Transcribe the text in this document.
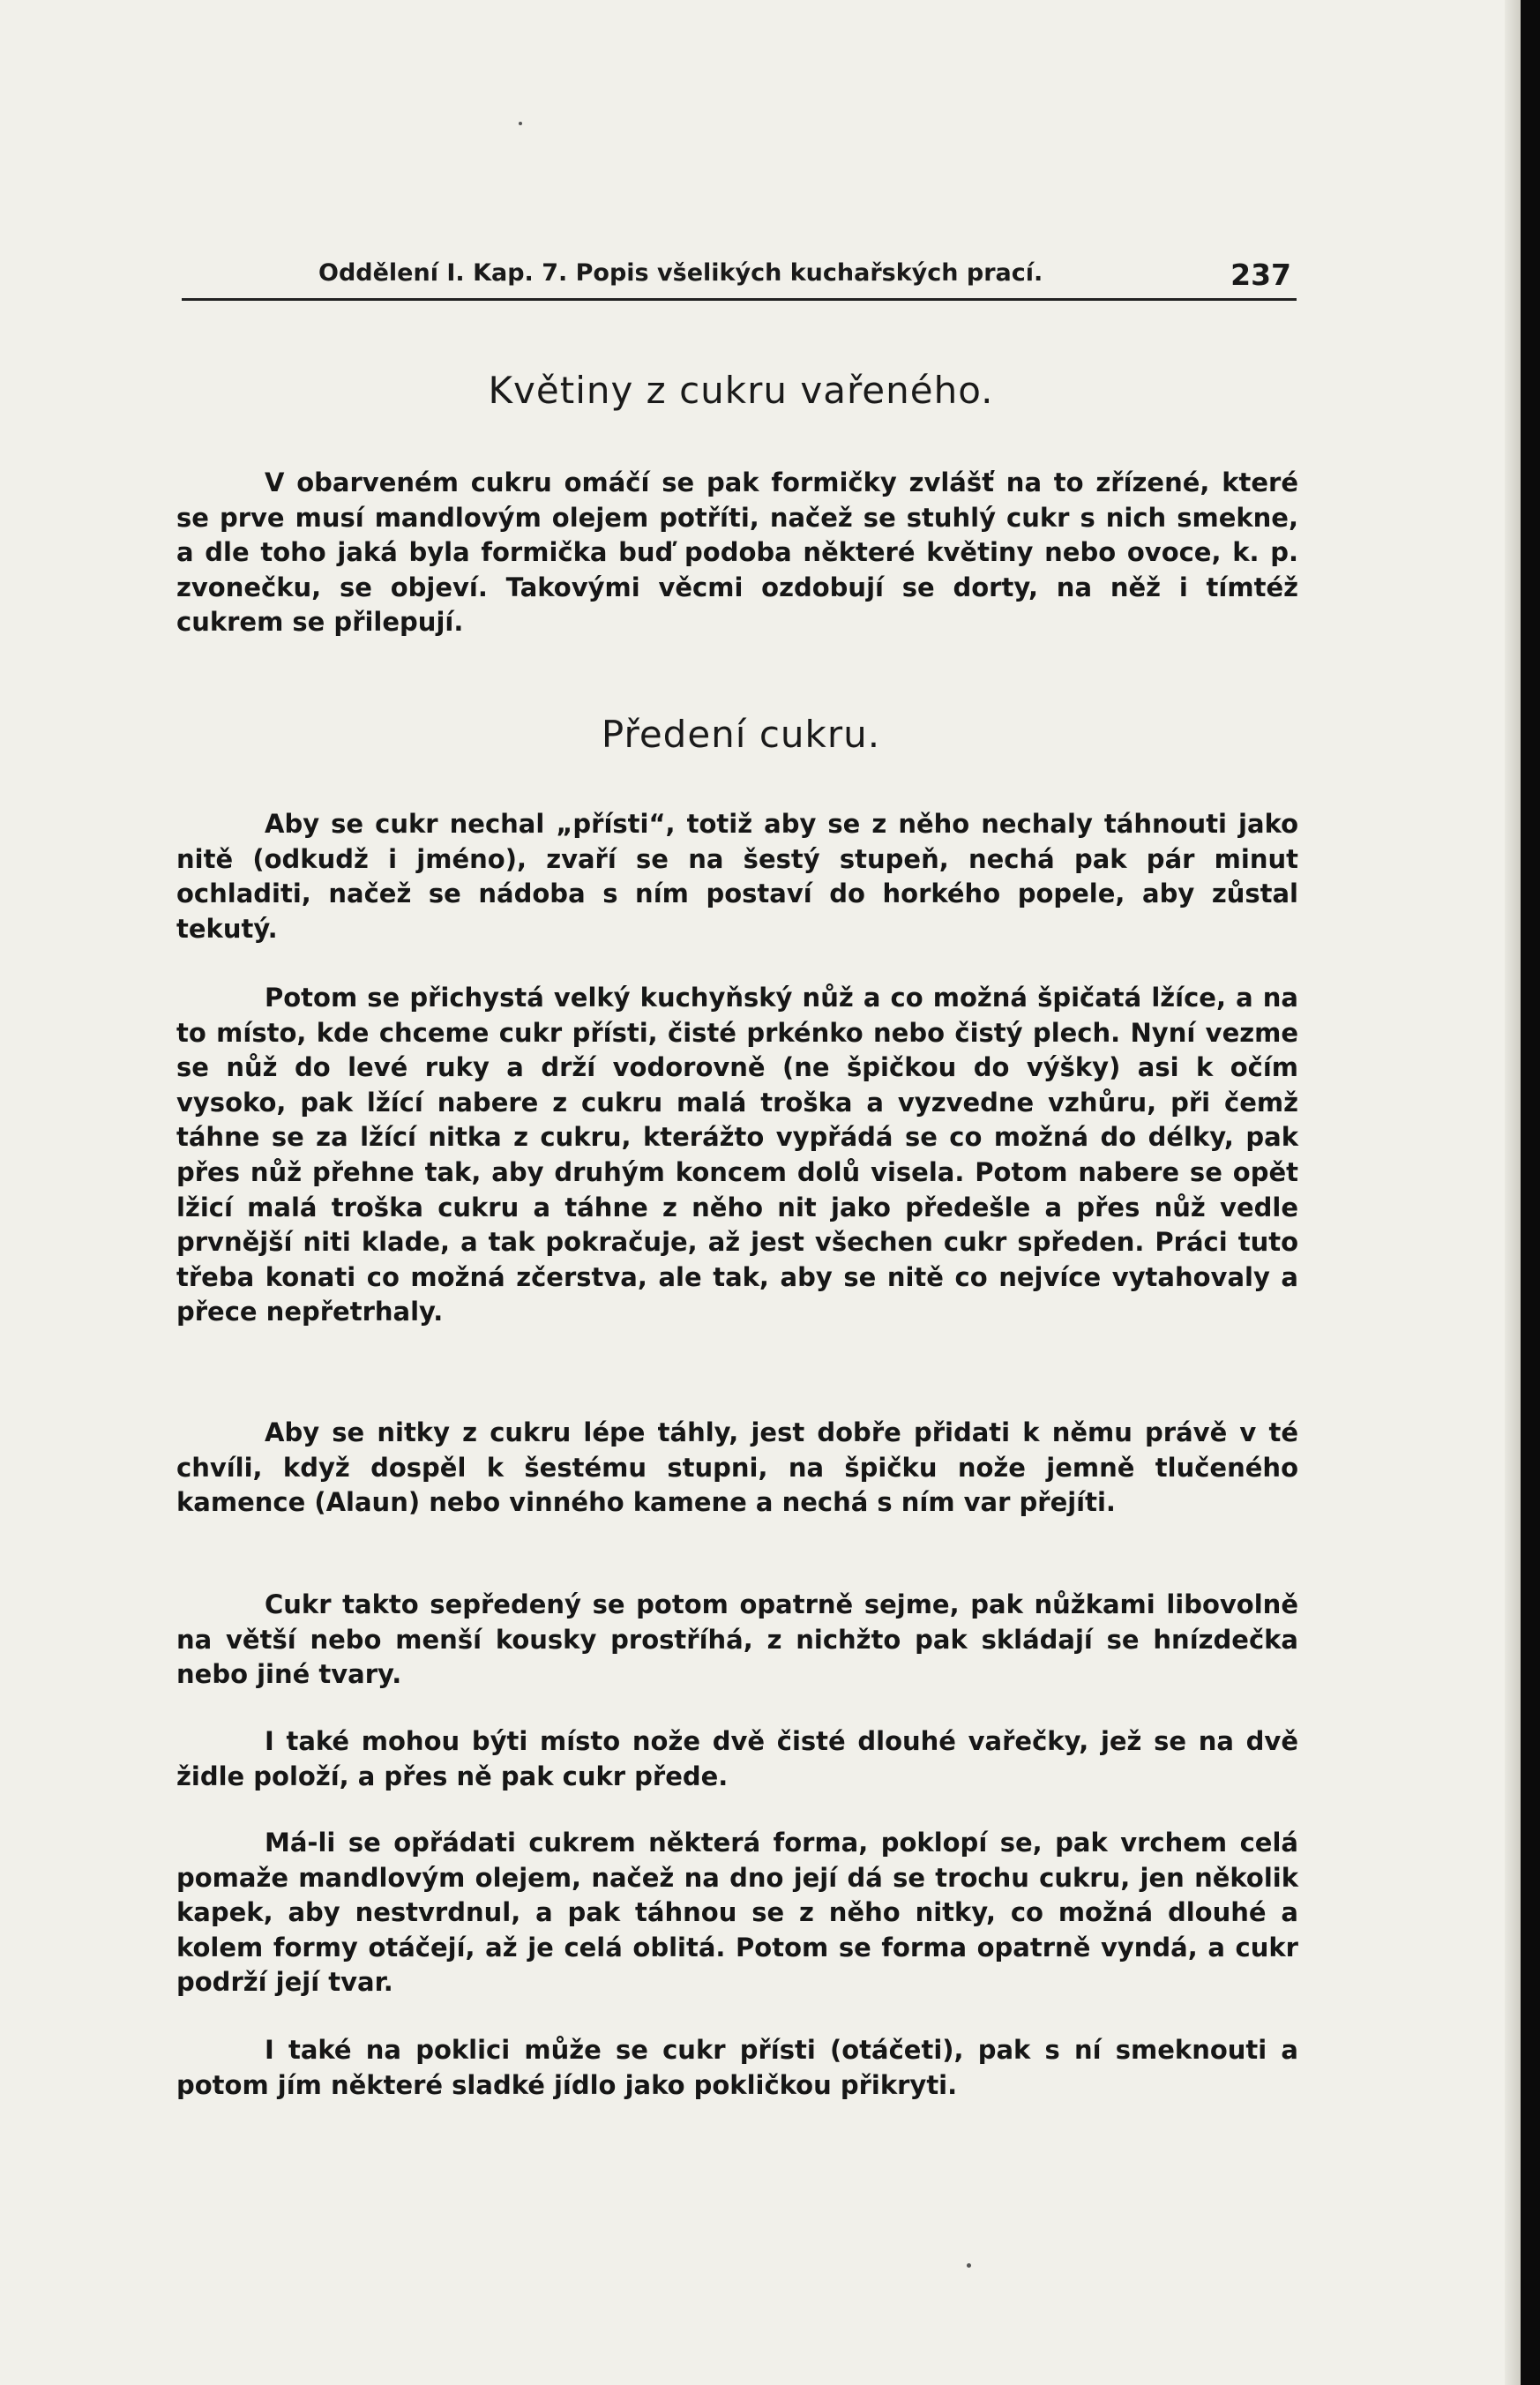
Oddělení I. Kap. 7. Popis všelikých kuchařských prací.	237
Květiny z cukru vařeného.

V obarveném cukru omáčí se pak formičky zvlášť na to zřízené, které se prve musí mandlovým olejem potříti, načež se stuhlý cukr s nich smekne, a dle toho jaká byla formička buď podoba některé květiny nebo ovoce, k. p. zvonečku, se objeví. Takovými věcmi ozdobují se dorty, na něž i tímtéž cukrem se přilepují.

Předení cukru.

Aby se cukr nechal „přísti“, totiž aby se z něho nechaly táhnouti jako nitě (odkudž i jméno), zvaří se na šestý stupeň, nechá pak pár minut ochladiti, načež se nádoba s ním postaví do horkého popele, aby zůstal tekutý.

Potom se přichystá velký kuchyňský nůž a co možná špičatá lžíce, a na to místo, kde chceme cukr přísti, čisté prkénko nebo čistý plech. Nyní vezme se nůž do levé ruky a drží vodorovně (ne špičkou do výšky) asi k očím vysoko, pak lžící nabere z cukru malá troška a vyzvedne vzhůru, při čemž táhne se za lžící nitka z cukru, kterážto vypřádá se co možná do délky, pak přes nůž přehne tak, aby druhým koncem dolů visela. Potom nabere se opět lžicí malá troška cukru a táhne z něho nit jako předešle a přes nůž vedle prvnější niti klade, a tak pokračuje, až jest všechen cukr spředen. Práci tuto třeba konati co možná zčerstva, ale tak, aby se nitě co nejvíce vytahovaly a přece nepřetrhaly.

Aby se nitky z cukru lépe táhly, jest dobře přidati k němu právě v té chvíli, když dospěl k šestému stupni, na špičku nože jemně tlučeného kamence (Alaun) nebo vinného kamene a nechá s ním var přejíti.

Cukr takto sepředený se potom opatrně sejme, pak nůžkami libovolně na větší nebo menší kousky prostříhá, z nichžto pak skládají se hnízdečka nebo jiné tvary.

I také mohou býti místo nože dvě čisté dlouhé vařečky, jež se na dvě židle položí, a přes ně pak cukr přede.

Má-li se opřádati cukrem některá forma, poklopí se, pak vrchem celá pomaže mandlovým olejem, načež na dno její dá se trochu cukru, jen několik kapek, aby nestvrdnul, a pak táhnou se z něho nitky, co možná dlouhé a kolem formy otáčejí, až je celá oblitá. Potom se forma opatrně vyndá, a cukr podrží její tvar.

I také na poklici může se cukr přísti (otáčeti), pak s ní smeknouti a potom jím některé sladké jídlo jako pokličkou přikryti.
